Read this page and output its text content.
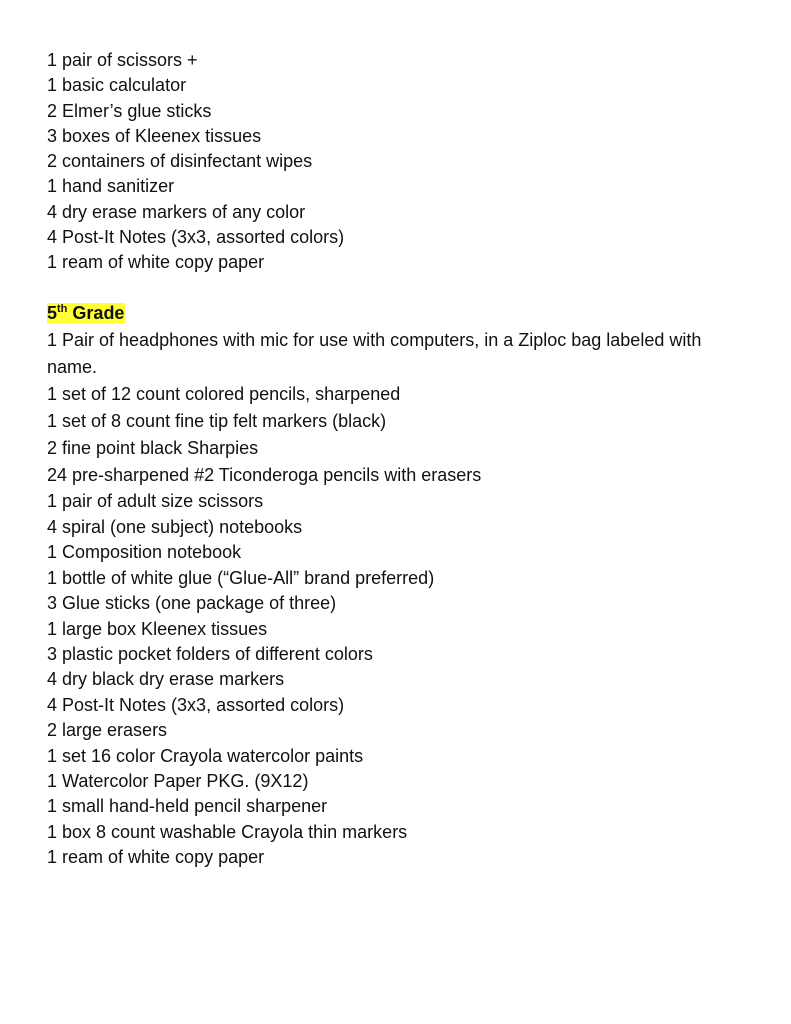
1 pair of scissors +
1 basic calculator
2 Elmer’s glue sticks
3 boxes of Kleenex tissues
2 containers of disinfectant wipes
1 hand sanitizer
4 dry erase markers of any color
4 Post-It Notes (3x3, assorted colors)
1 ream of white copy paper
5th Grade
1 Pair of headphones with mic for use with computers, in a Ziploc bag labeled with name.
1 set of 12 count colored pencils, sharpened
1 set of 8 count fine tip felt markers (black)
2 fine point black Sharpies
24 pre-sharpened #2 Ticonderoga pencils with erasers
1 pair of adult size scissors
4 spiral (one subject) notebooks
1 Composition notebook
1 bottle of white glue (“Glue-All” brand preferred)
3 Glue sticks (one package of three)
1 large box Kleenex tissues
3 plastic pocket folders of different colors
4 dry black dry erase markers
4 Post-It Notes (3x3, assorted colors)
2 large erasers
1 set 16 color Crayola watercolor paints
1 Watercolor Paper PKG. (9X12)
1 small hand-held pencil sharpener
1 box 8 count washable Crayola thin markers
1 ream of white copy paper
